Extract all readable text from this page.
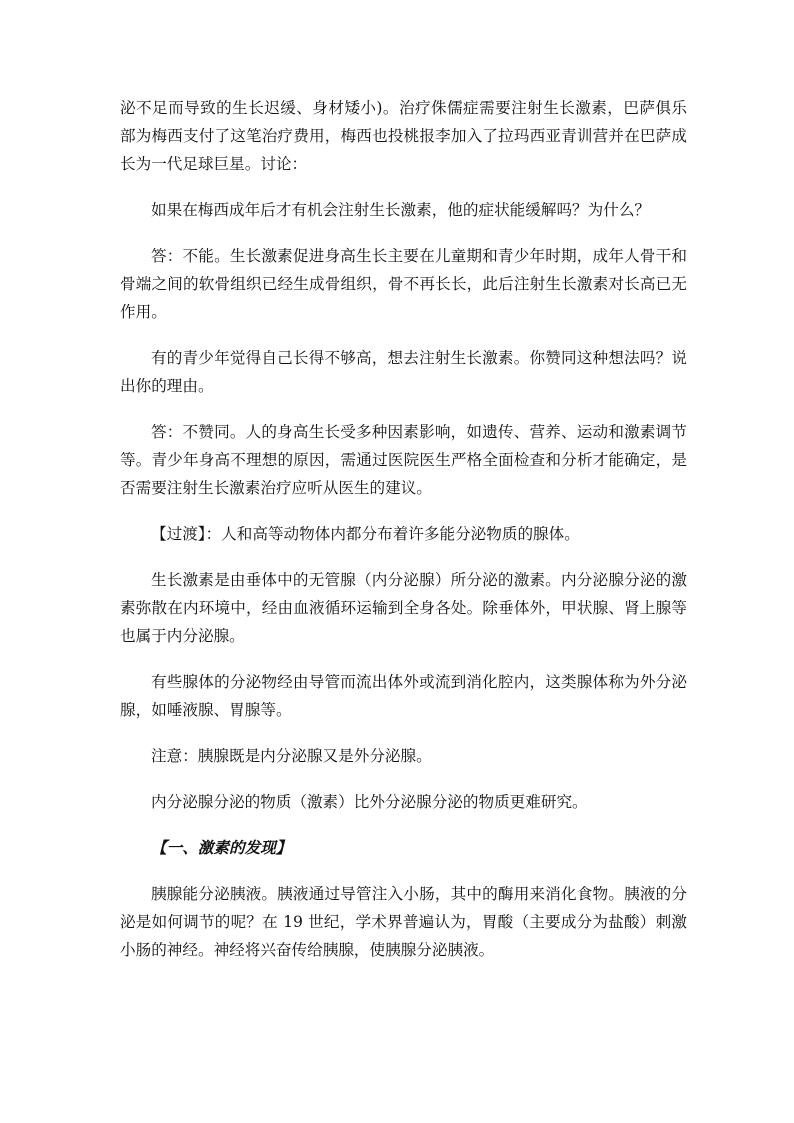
泌不足而导致的生长迟缓、身材矮小)。治疗侏儒症需要注射生长激素，巴萨俱乐部为梅西支付了这笔治疗费用，梅西也投桃报李加入了拉玛西亚青训营并在巴萨成长为一代足球巨星。讨论：

如果在梅西成年后才有机会注射生长激素，他的症状能缓解吗？为什么？

答：不能。生长激素促进身高生长主要在儿童期和青少年时期，成年人骨干和骨端之间的软骨组织已经生成骨组织，骨不再长长，此后注射生长激素对长高已无作用。

有的青少年觉得自己长得不够高，想去注射生长激素。你赞同这种想法吗？说出你的理由。

答：不赞同。人的身高生长受多种因素影响，如遗传、营养、运动和激素调节等。青少年身高不理想的原因，需通过医院医生严格全面检查和分析才能确定，是否需要注射生长激素治疗应听从医生的建议。

【过渡】：人和高等动物体内都分布着许多能分泌物质的腺体。

生长激素是由垂体中的无管腺（内分泌腺）所分泌的激素。内分泌腺分泌的激素弥散在内环境中，经由血液循环运输到全身各处。除垂体外，甲状腺、肾上腺等也属于内分泌腺。

有些腺体的分泌物经由导管而流出体外或流到消化腔内，这类腺体称为外分泌腺，如唾液腺、胃腺等。

注意：胰腺既是内分泌腺又是外分泌腺。

内分泌腺分泌的物质（激素）比外分泌腺分泌的物质更难研究。

【一、激素的发现】

胰腺能分泌胰液。胰液通过导管注入小肠，其中的酶用来消化食物。胰液的分泌是如何调节的呢？在 19 世纪，学术界普遍认为，胃酸（主要成分为盐酸）刺激小肠的神经。神经将兴奋传给胰腺，使胰腺分泌胰液。
